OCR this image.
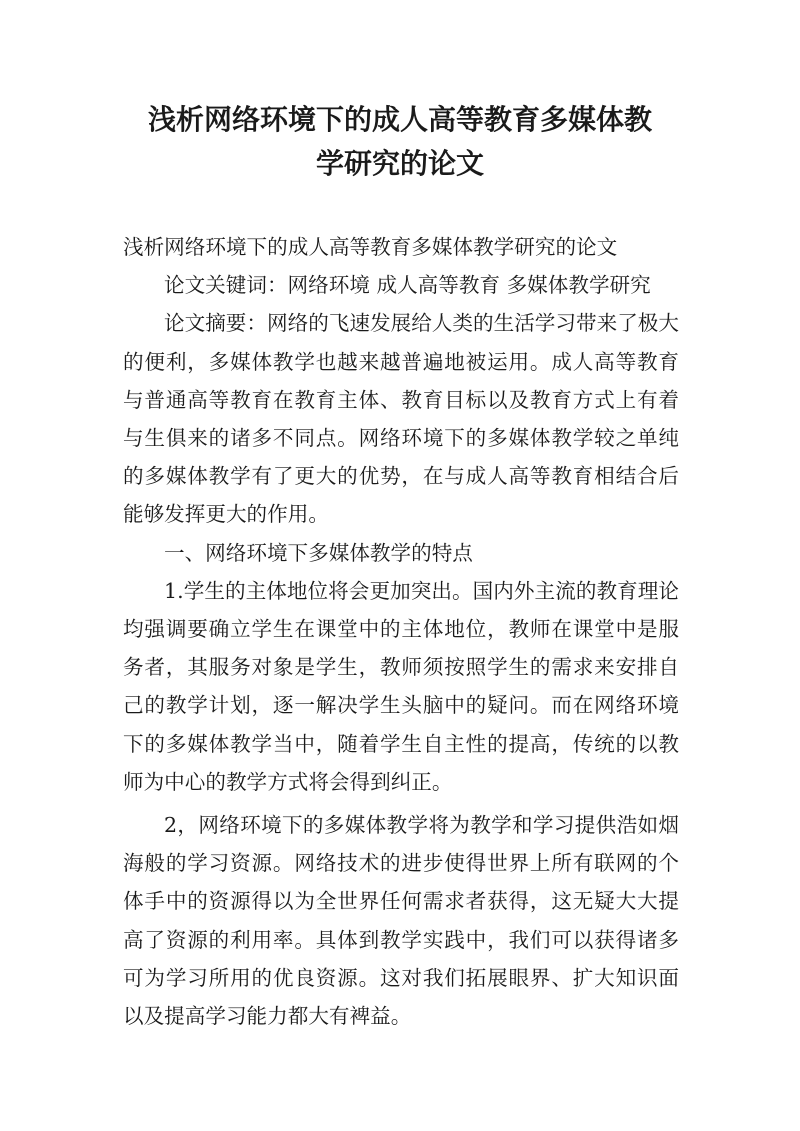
浅析网络环境下的成人高等教育多媒体教
学研究的论文

浅析网络环境下的成人高等教育多媒体教学研究的论文

论文关键词：网络环境 成人高等教育 多媒体教学研究

论文摘要：网络的飞速发展给人类的生活学习带来了极大的便利，多媒体教学也越来越普遍地被运用。成人高等教育与普通高等教育在教育主体、教育目标以及教育方式上有着与生俱来的诸多不同点。网络环境下的多媒体教学较之单纯的多媒体教学有了更大的优势，在与成人高等教育相结合后能够发挥更大的作用。

一、网络环境下多媒体教学的特点

1.学生的主体地位将会更加突出。国内外主流的教育理论均强调要确立学生在课堂中的主体地位，教师在课堂中是服务者，其服务对象是学生，教师须按照学生的需求来安排自己的教学计划，逐一解决学生头脑中的疑问。而在网络环境下的多媒体教学当中，随着学生自主性的提高，传统的以教师为中心的教学方式将会得到纠正。

2，网络环境下的多媒体教学将为教学和学习提供浩如烟海般的学习资源。网络技术的进步使得世界上所有联网的个体手中的资源得以为全世界任何需求者获得，这无疑大大提高了资源的利用率。具体到教学实践中，我们可以获得诸多可为学习所用的优良资源。这对我们拓展眼界、扩大知识面以及提高学习能力都大有裨益。
